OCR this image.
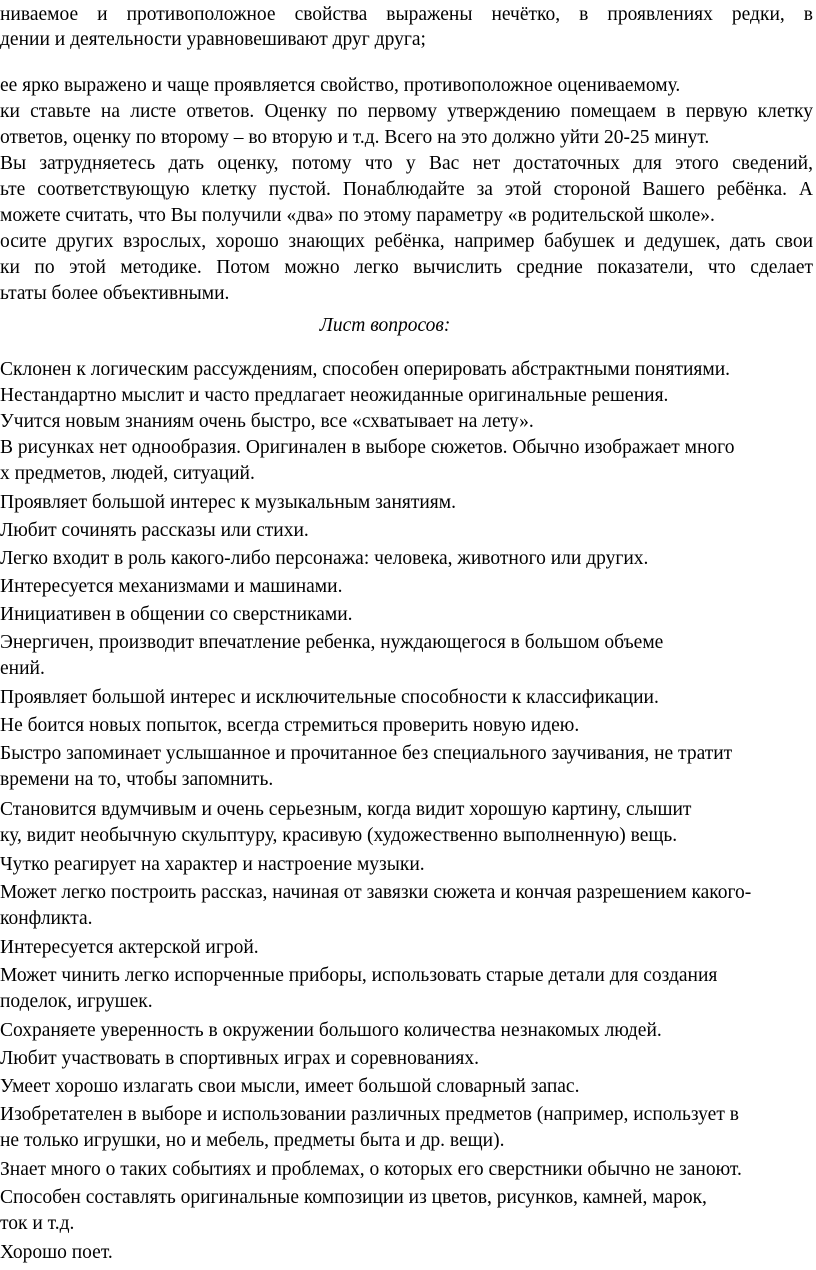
ниваемое и противоположное свойства выражены нечётко, в проявлениях редки, в
дении и деятельности уравновешивают друг друга;
ее ярко выражено и чаще проявляется свойство, противоположное оцениваемому.
ки ставьте на листе ответов. Оценку по первому утверждению помещаем в первую клетку
ответов, оценку по второму – во вторую и т.д. Всего на это должно уйти 20-25 минут.
Вы затрудняетесь дать оценку, потому что у Вас нет достаточных для этого сведений,
ьте соответствующую клетку пустой. Понаблюдайте за этой стороной Вашего ребёнка. А
можете считать, что Вы получили «два» по этому параметру «в родительской школе».
осите других взрослых, хорошо знающих ребёнка, например бабушек и дедушек, дать свои
ки по этой методике. Потом можно легко вычислить средние показатели, что сделает
ьтаты более объективными.
Лист вопросов:
Склонен к логическим рассуждениям, способен оперировать абстрактными понятиями.
Нестандартно мыслит и часто предлагает неожиданные оригинальные решения.
Учится новым знаниям очень быстро, все «схватывает на лету».
В рисунках нет однообразия. Оригинален в выборе сюжетов. Обычно изображает много
х предметов, людей, ситуаций.
Проявляет большой интерес к музыкальным занятиям.
Любит сочинять рассказы или стихи.
Легко входит в роль какого-либо персонажа: человека, животного или других.
Интересуется механизмами и машинами.
Инициативен в общении со сверстниками.
Энергичен, производит впечатление ребенка, нуждающегося в большом объеме
ений.
Проявляет большой интерес и исключительные способности к классификации.
Не боится новых попыток, всегда стремиться проверить новую идею.
Быстро запоминает услышанное и прочитанное без специального заучивания, не тратит
времени на то, чтобы запомнить.
Становится вдумчивым и очень серьезным, когда видит хорошую картину, слышит
ку, видит необычную скульптуру, красивую (художественно выполненную) вещь.
Чутко реагирует на характер и настроение музыки.
Может легко построить рассказ, начиная от завязки сюжета и кончая разрешением какого-
конфликта.
Интересуется актерской игрой.
Может чинить легко испорченные приборы, использовать старые детали для создания
поделок, игрушек.
Сохраняете уверенность в окружении большого количества незнакомых людей.
Любит участвовать в спортивных играх и соревнованиях.
Умеет хорошо излагать свои мысли, имеет большой словарный запас.
Изобретателен в выборе и использовании различных предметов (например, использует в
не только игрушки, но и мебель, предметы быта и др. вещи).
Знает много о таких событиях и проблемах, о которых его сверстники обычно не заноют.
Способен составлять оригинальные композиции из цветов, рисунков, камней, марок,
ток и т.д.
Хорошо поет.
